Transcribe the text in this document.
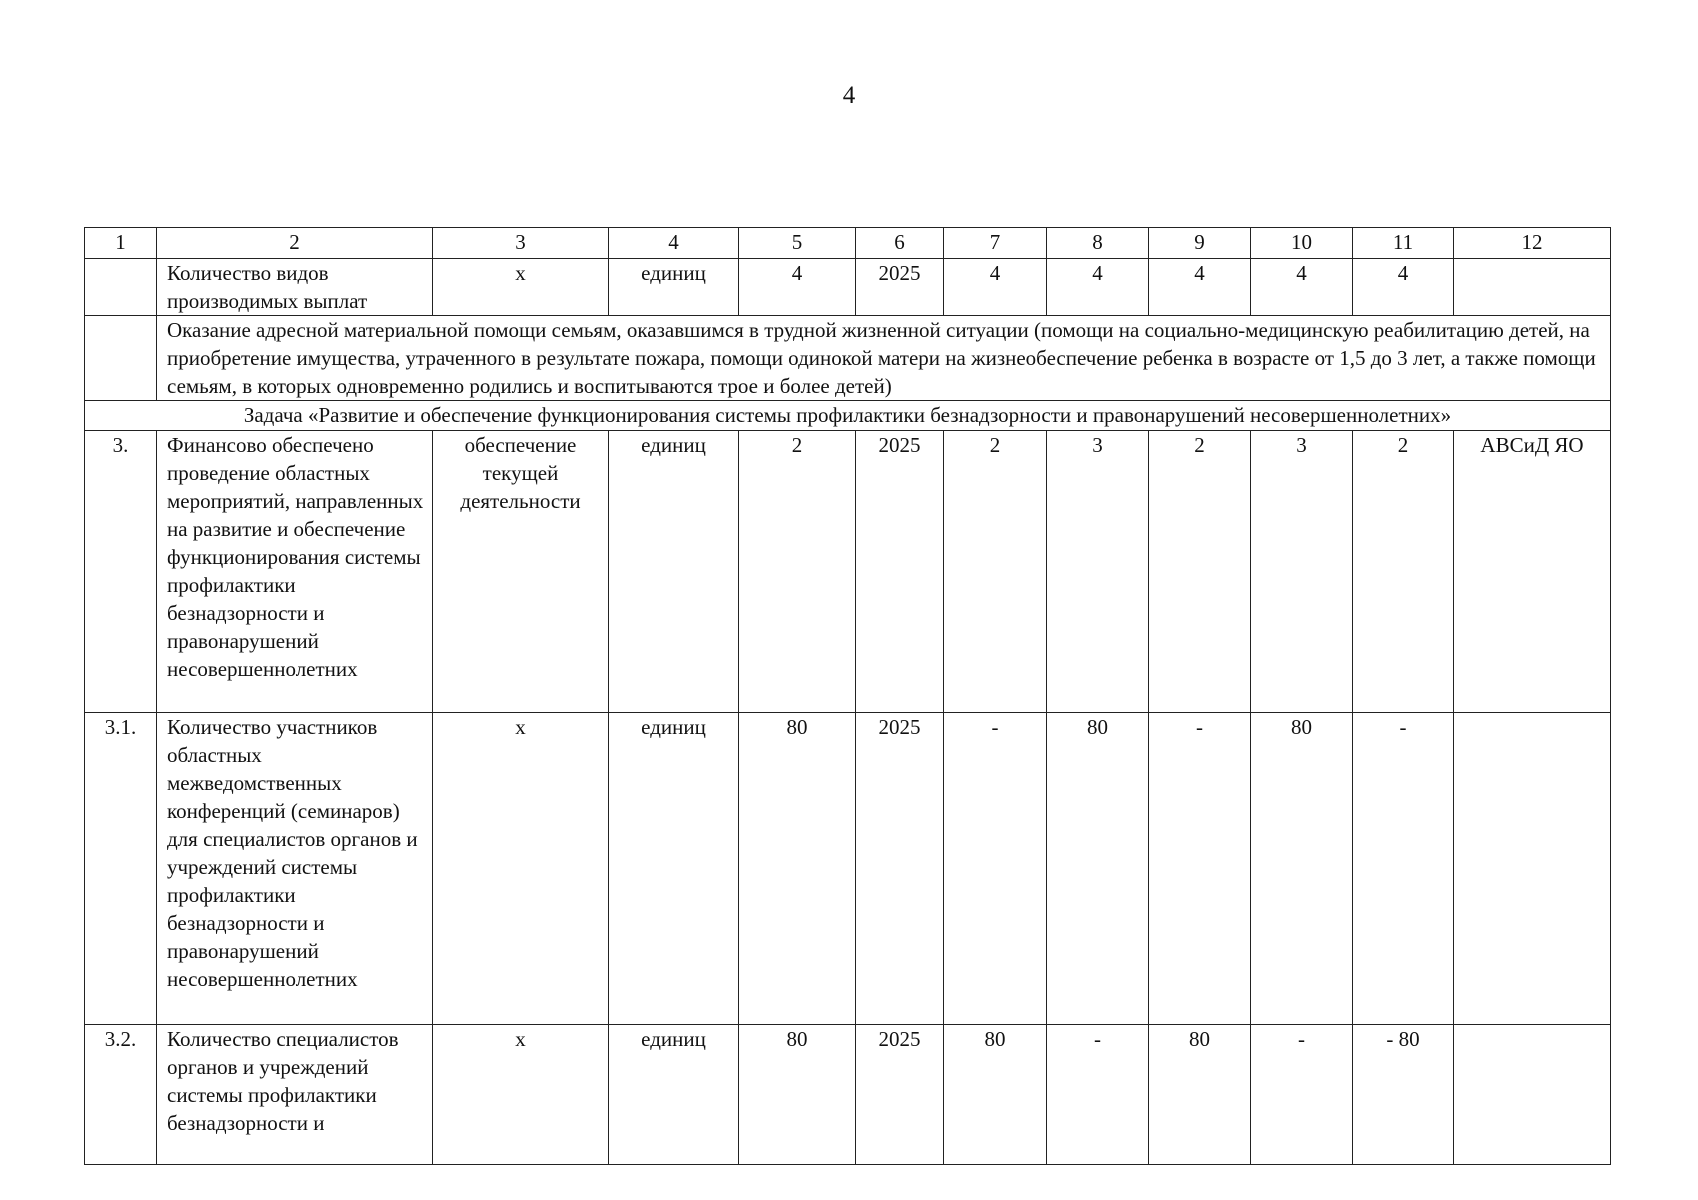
4
1	2	3	4	5	6	7	8	9	10	11	12
	Количество видов производимых выплат	х	единиц	4	2025	4	4	4	4	4	
	Оказание адресной материальной помощи семьям, оказавшимся в трудной жизненной ситуации (помощи на социально-медицинскую реабилитацию детей, на приобретение имущества, утраченного в результате пожара, помощи одинокой матери на жизнеобеспечение ребенка в возрасте от 1,5 до 3 лет, а также помощи семьям, в которых одновременно родились и воспитываются трое и более детей)										
Задача «Развитие и обеспечение функционирования системы профилактики безнадзорности и правонарушений несовершеннолетних»											
3.	Финансово обеспечено проведение областных мероприятий, направленных на развитие и обеспечение функционирования системы профилактики безнадзорности и правонарушений несовершеннолетних	обеспечение текущей деятельности	единиц	2	2025	2	3	2	3	2	АВСиД ЯО
3.1.	Количество участников областных межведомственных конференций (семинаров) для специалистов органов и учреждений системы профилактики безнадзорности и правонарушений несовершеннолетних	х	единиц	80	2025	-	80	-	80	-	
3.2.	Количество специалистов органов и учреждений системы профилактики безнадзорности и	х	единиц	80	2025	80	-	80	-	- 80	
